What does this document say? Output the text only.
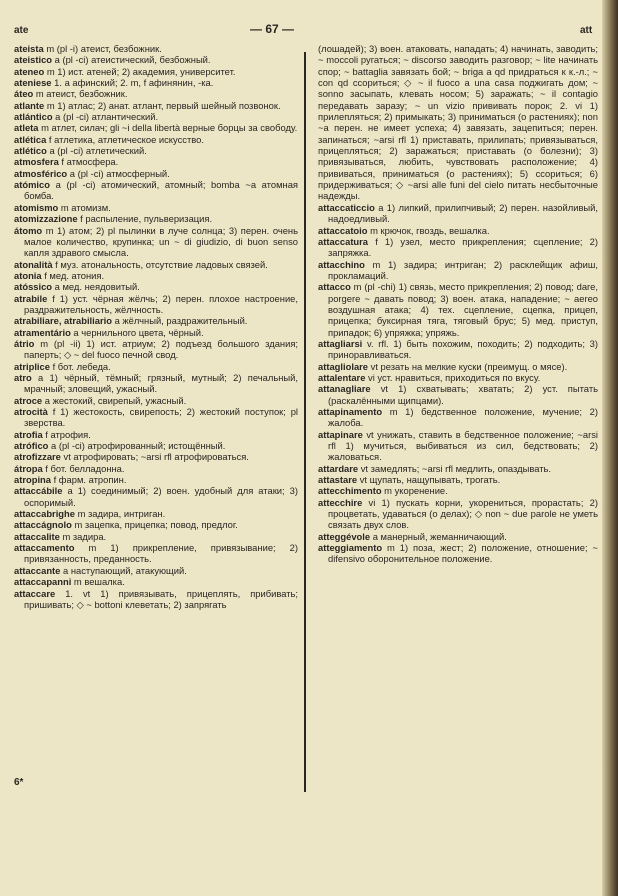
ate	— 67 —	att

ateista m (pl -i) атеист, безбожник.

ateistico a (pl -ci) атеистический, безбожный.

ateneo m 1) ист. атеней; 2) академия, университет.

ateniese 1. a афинский; 2. m, f афинянин, -ка.

áteo m атеист, безбожник.

atlante m 1) атлас; 2) анат. атлант, первый шейный позвонок.

atlántico a (pl -ci) атлантический.

atleta m атлет, силач; gli ~i della libertà верные борцы за свободу.

atlética f атлетика, атлетическое искусство.

atlético a (pl -ci) атлетический.

atmosfera f атмосфера.

atmosférico a (pl -ci) атмосферный.

atómico a (pl -ci) атомический, атомный; bomba ~a атомная бомба.

atomismo m атомизм.

atomizzazione f распыление, пульверизация.

átomo m 1) атом; 2) pl пылинки в луче солнца; 3) перен. очень малое количество, крупинка; un ~ di giudizio, di buon senso капля здравого смысла.

atonalità f муз. атональность, отсутствие ладовых связей.

atonia f мед. атония.

atóssico a мед. неядовитый.

atrabile f 1) уст. чёрная жёлчь; 2) перен. плохое настроение, раздражительность, жёлчность.

atrabiliare, atrabiliario a жёлчный, раздражительный.

atramentário a чернильного цвета, чёрный.

átrio m (pl -ii) 1) ист. атриум; 2) подъезд большого здания; паперть; ◇ ~ del fuoco печной свод.

atriplice f бот. лебеда.

atro a 1) чёрный, тёмный; грязный, мутный; 2) печальный, мрачный; зловещий, ужасный.

atroce a жестокий, свирепый, ужасный.

atrocità f 1) жестокость, свирепость; 2) жестокий поступок; pl зверства.

atrofia f атрофия.

atrófico a (pl -ci) атрофированный; истощённый.

atrofizzare vt атрофировать; ~arsi rfl атрофироваться.

átropa f бот. белладонна.

atropina f фарм. атропин.

attaccábile a 1) соединимый; 2) воен. удобный для атаки; 3) оспоримый.

attaccabrighe m задира, интриган.

attaccágnolo m зацепка, прицепка; повод, предлог.

attaccalite m задира.

attaccamento m 1) прикрепление, привязывание; 2) привязанность, преданность.

attaccante a наступающий, атакующий.

attaccapanni m вешалка.

attaccare 1. vt 1) привязывать, прицеплять, прибивать; пришивать; ◇ ~ bottoni клеветать; 2) запрягать

(лошадей); 3) воен. атаковать, нападать; 4) начинать, заводить; ~ moccoli ругаться; ~ discorso заводить разговор; ~ lite начинать спор; ~ battaglia завязать бой; ~ briga a qd придраться к к.-л.; ~ con qd ссориться; ◇ ~ il fuoco a una casa поджигать дом; ~ sonno засыпать, клевать носом; 5) заражать; ~ il contagio передавать заразу; ~ un vizio прививать порок; 2. vi 1) прилепляться; 2) примыкать; 3) приниматься (о растениях); non ~a перен. не имеет успеха; 4) завязать, зацепиться; перен. запинаться; ~arsi rfl 1) приставать, прилипать; привязываться, прицепляться; 2) заражаться; приставать (о болезни); 3) привязываться, любить, чувствовать расположение; 4) прививаться, приниматься (о растениях); 5) ссориться; 6) придерживаться; ◇ ~arsi alle funi del cielo питать несбыточные надежды.

attaccaticcio a 1) липкий, прилипчивый; 2) перен. назойливый, надоедливый.

attaccatoio m крючок, гвоздь, вешалка.

attaccatura f 1) узел, место прикрепления; сцепление; 2) запряжка.

attacchino m 1) задира; интриган; 2) расклейщик афиш, прокламаций.

attacco m (pl -chi) 1) связь, место прикрепления; 2) повод; dare, porgere ~ давать повод; 3) воен. атака, нападение; ~ aereo воздушная атака; 4) тех. сцепление, сцепка, прицеп, прицепка; буксирная тяга, тяговый брус; 5) мед. приступ, припадок; 6) упряжка; упряжь.

attagliarsi v. rfl. 1) быть похожим, походить; 2) подходить; 3) приноравливаться.

attagliolare vt резать на мелкие куски (преимущ. о мясе).

attalentare vi уст. нравиться, приходиться по вкусу.

attanagliare vt 1) схватывать; хватать; 2) уст. пытать (раскалёнными щипцами).

attapinamento m 1) бедственное положение, мучение; 2) жалоба.

attapinare vt унижать, ставить в бедственное положение; ~arsi rfl 1) мучиться, выбиваться из сил, бедствовать; 2) жаловаться.

attardare vt замедлять; ~arsi rfl медлить, опаздывать.

attastare vt щупать, нащупывать, трогать.

attecchimento m укоренение.

attecchire vi 1) пускать корни, укорениться, прорастать; 2) процветать, удаваться (о делах); ◇ non ~ due parole не уметь связать двух слов.

atteggévole a манерный, жеманничающий.

atteggiamento m 1) поза, жест; 2) положение, отношение; ~ difensivo оборонительное положение.

6*
